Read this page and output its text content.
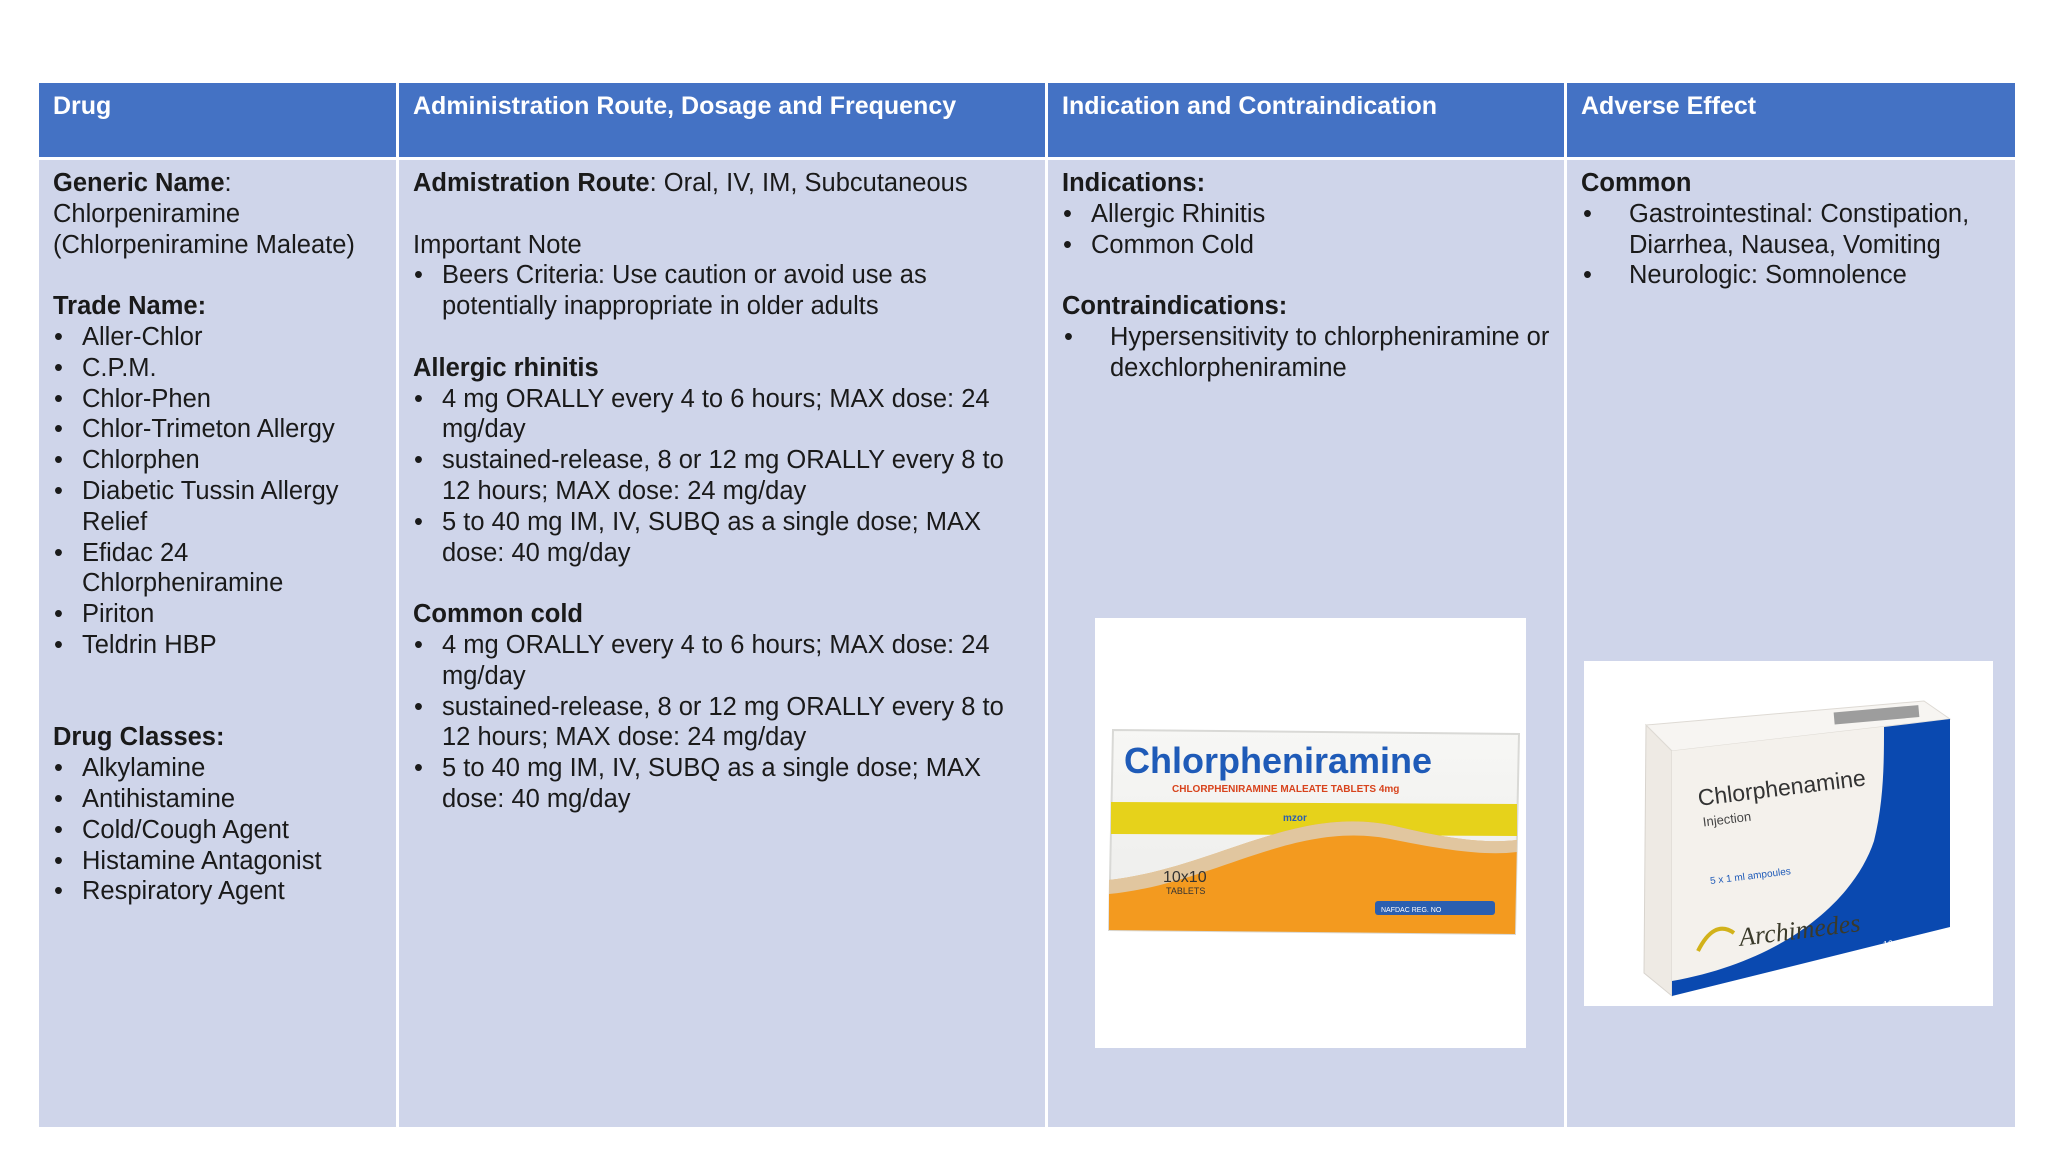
Drug
Generic Name:
Chlorpeniramine
(Chlorpeniramine Maleate)
Trade Name:
• Aller-Chlor
• C.P.M.
• Chlor-Phen
• Chlor-Trimeton Allergy
• Chlorphen
• Diabetic Tussin Allergy Relief
• Efidac 24 Chlorpheniramine
• Piriton
• Teldrin HBP
Drug Classes:
• Alkylamine
• Antihistamine
• Cold/Cough Agent
• Histamine Antagonist
• Respiratory Agent
Administration Route, Dosage and Frequency
Admistration Route: Oral, IV, IM, Subcutaneous
Important Note
• Beers Criteria: Use caution or avoid use as potentially inappropriate in older adults
Allergic rhinitis
• 4 mg ORALLY every 4 to 6 hours; MAX dose: 24 mg/day
• sustained-release, 8 or 12 mg ORALLY every 8 to 12 hours; MAX dose: 24 mg/day
• 5 to 40 mg IM, IV, SUBQ as a single dose; MAX dose: 40 mg/day
Common cold
• 4 mg ORALLY every 4 to 6 hours; MAX dose: 24 mg/day
• sustained-release, 8 or 12 mg ORALLY every 8 to 12 hours; MAX dose: 24 mg/day
• 5 to 40 mg IM, IV, SUBQ as a single dose; MAX dose: 40 mg/day
Indication and Contraindication
Indications:
• Allergic Rhinitis
• Common Cold
Contraindications:
• Hypersensitivity to chlorpheniramine or dexchlorpheniramine
Adverse Effect
Common
• Gastrointestinal: Constipation, Diarrhea, Nausea, Vomiting
• Neurologic: Somnolence
Chlorpheniramine
CHLORPHENIRAMINE MALEATE TABLETS 4mg
mzor
10x10
TABLETS
NAFDAC REG. NO
Chlorphenamine
Injection
5 x 1 ml ampoules
Archimedes 10 mg in 1 ml
